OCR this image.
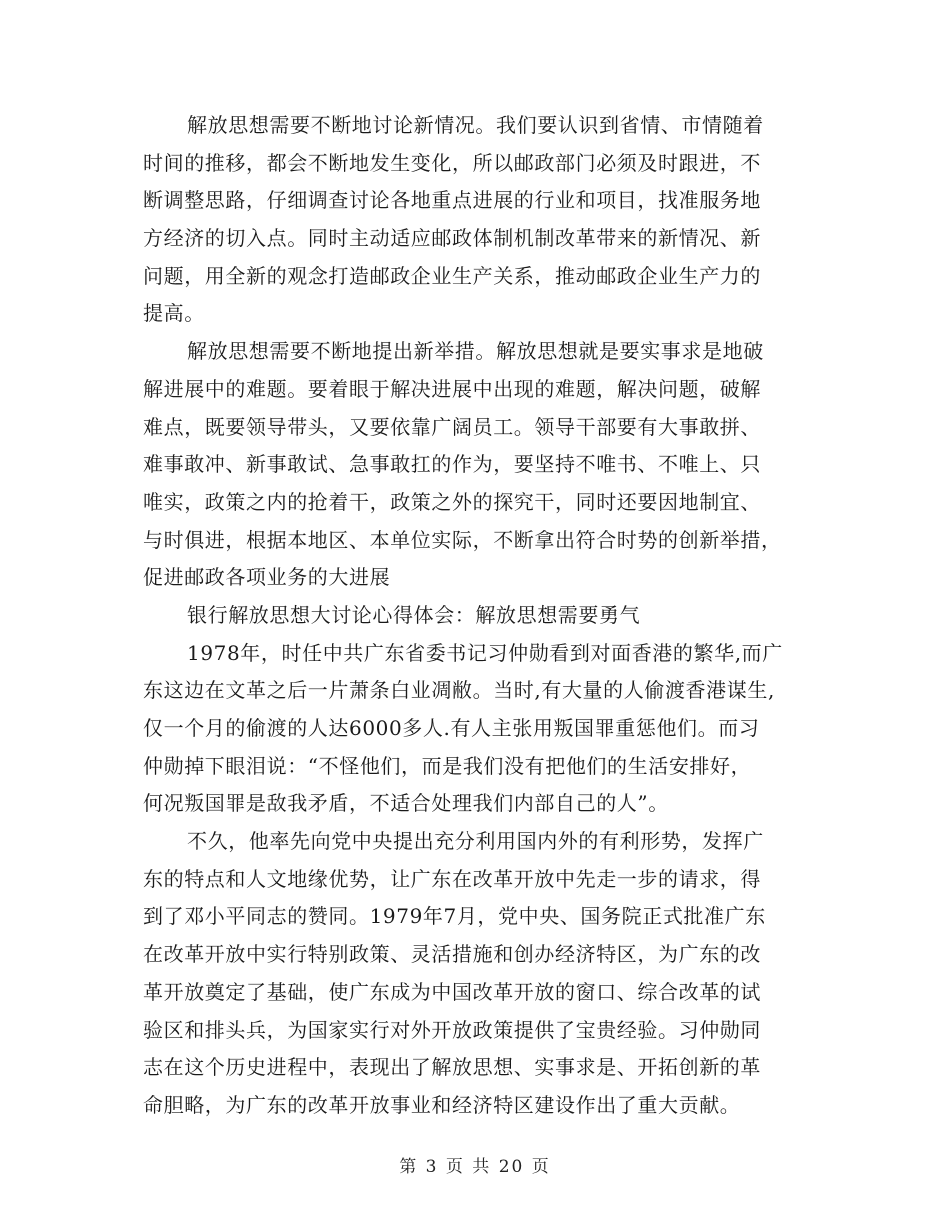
解放思想需要不断地讨论新情况。我们要认识到省情、市情随着
时间的推移，都会不断地发生变化，所以邮政部门必须及时跟进，不
断调整思路，仔细调查讨论各地重点进展的行业和项目，找准服务地
方经济的切入点。同时主动适应邮政体制机制改革带来的新情况、新
问题，用全新的观念打造邮政企业生产关系，推动邮政企业生产力的
提高。
解放思想需要不断地提出新举措。解放思想就是要实事求是地破
解进展中的难题。要着眼于解决进展中出现的难题，解决问题，破解
难点，既要领导带头，又要依靠广阔员工。领导干部要有大事敢拼、
难事敢冲、新事敢试、急事敢扛的作为，要坚持不唯书、不唯上、只
唯实，政策之内的抢着干，政策之外的探究干，同时还要因地制宜、
与时俱进，根据本地区、本单位实际，不断拿出符合时势的创新举措，
促进邮政各项业务的大进展
银行解放思想大讨论心得体会：解放思想需要勇气
1978年，时任中共广东省委书记习仲勋看到对面香港的繁华,而广
东这边在文革之后一片萧条白业凋敝。当时,有大量的人偷渡香港谋生,
仅一个月的偷渡的人达6000多人.有人主张用叛国罪重惩他们。而习
仲勋掉下眼泪说：“不怪他们，而是我们没有把他们的生活安排好，
何况叛国罪是敌我矛盾，不适合处理我们内部自己的人”。
不久，他率先向党中央提出充分利用国内外的有利形势，发挥广
东的特点和人文地缘优势，让广东在改革开放中先走一步的请求，得
到了邓小平同志的赞同。1979年7月，党中央、国务院正式批准广东
在改革开放中实行特别政策、灵活措施和创办经济特区，为广东的改
革开放奠定了基础，使广东成为中国改革开放的窗口、综合改革的试
验区和排头兵，为国家实行对外开放政策提供了宝贵经验。习仲勋同
志在这个历史进程中，表现出了解放思想、实事求是、开拓创新的革
命胆略，为广东的改革开放事业和经济特区建设作出了重大贡献。
第 3 页 共 20 页
